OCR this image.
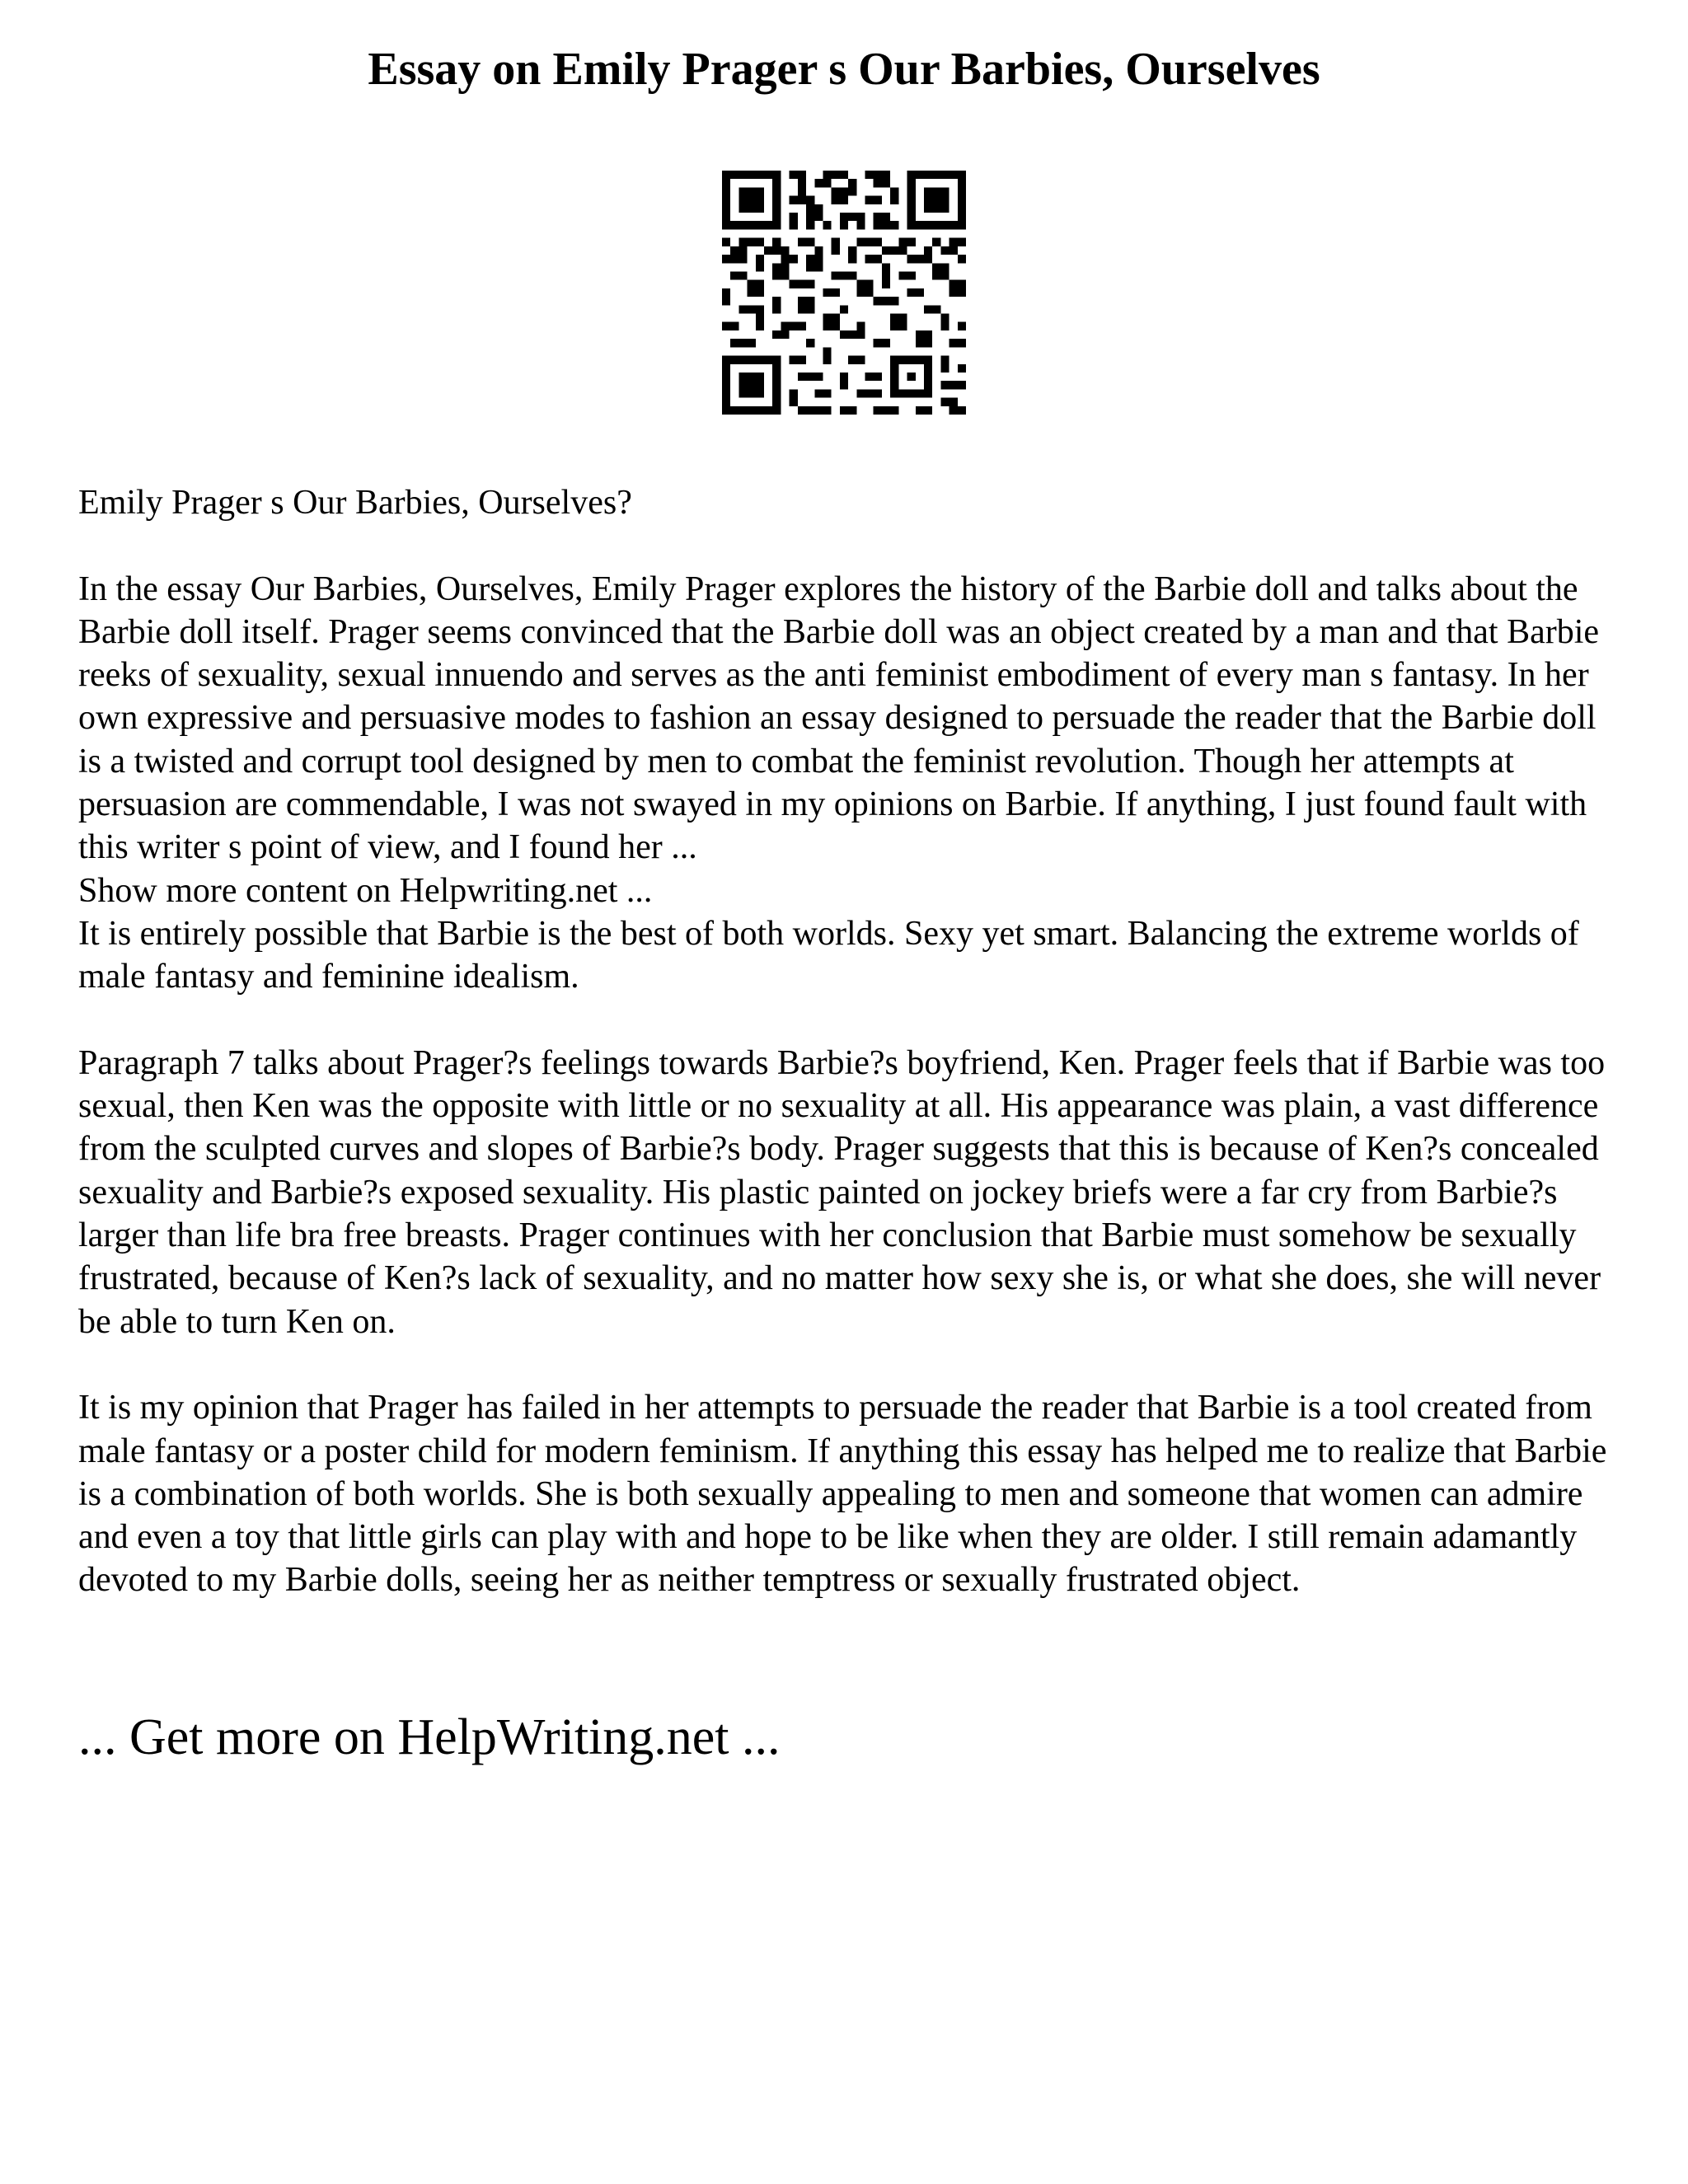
Essay on Emily Prager s Our Barbies, Ourselves

Emily Prager s Our Barbies, Ourselves?

In the essay Our Barbies, Ourselves, Emily Prager explores the history of the Barbie doll and talks about the Barbie doll itself. Prager seems convinced that the Barbie doll was an object created by a man and that Barbie reeks of sexuality, sexual innuendo and serves as the anti feminist embodiment of every man s fantasy. In her own expressive and persuasive modes to fashion an essay designed to persuade the reader that the Barbie doll is a twisted and corrupt tool designed by men to combat the feminist revolution. Though her attempts at persuasion are commendable, I was not swayed in my opinions on Barbie. If anything, I just found fault with this writer s point of view, and I found her ...

Show more content on Helpwriting.net ...

It is entirely possible that Barbie is the best of both worlds. Sexy yet smart. Balancing the extreme worlds of male fantasy and feminine idealism.

Paragraph 7 talks about Prager?s feelings towards Barbie?s boyfriend, Ken. Prager feels that if Barbie was too sexual, then Ken was the opposite with little or no sexuality at all. His appearance was plain, a vast difference from the sculpted curves and slopes of Barbie?s body. Prager suggests that this is because of Ken?s concealed sexuality and Barbie?s exposed sexuality. His plastic painted on jockey briefs were a far cry from Barbie?s larger than life bra free breasts. Prager continues with her conclusion that Barbie must somehow be sexually frustrated, because of Ken?s lack of sexuality, and no matter how sexy she is, or what she does, she will never be able to turn Ken on.

It is my opinion that Prager has failed in her attempts to persuade the reader that Barbie is a tool created from male fantasy or a poster child for modern feminism. If anything this essay has helped me to realize that Barbie is a combination of both worlds. She is both sexually appealing to men and someone that women can admire and even a toy that little girls can play with and hope to be like when they are older. I still remain adamantly devoted to my Barbie dolls, seeing her as neither temptress or sexually frustrated object.

... Get more on HelpWriting.net ...
